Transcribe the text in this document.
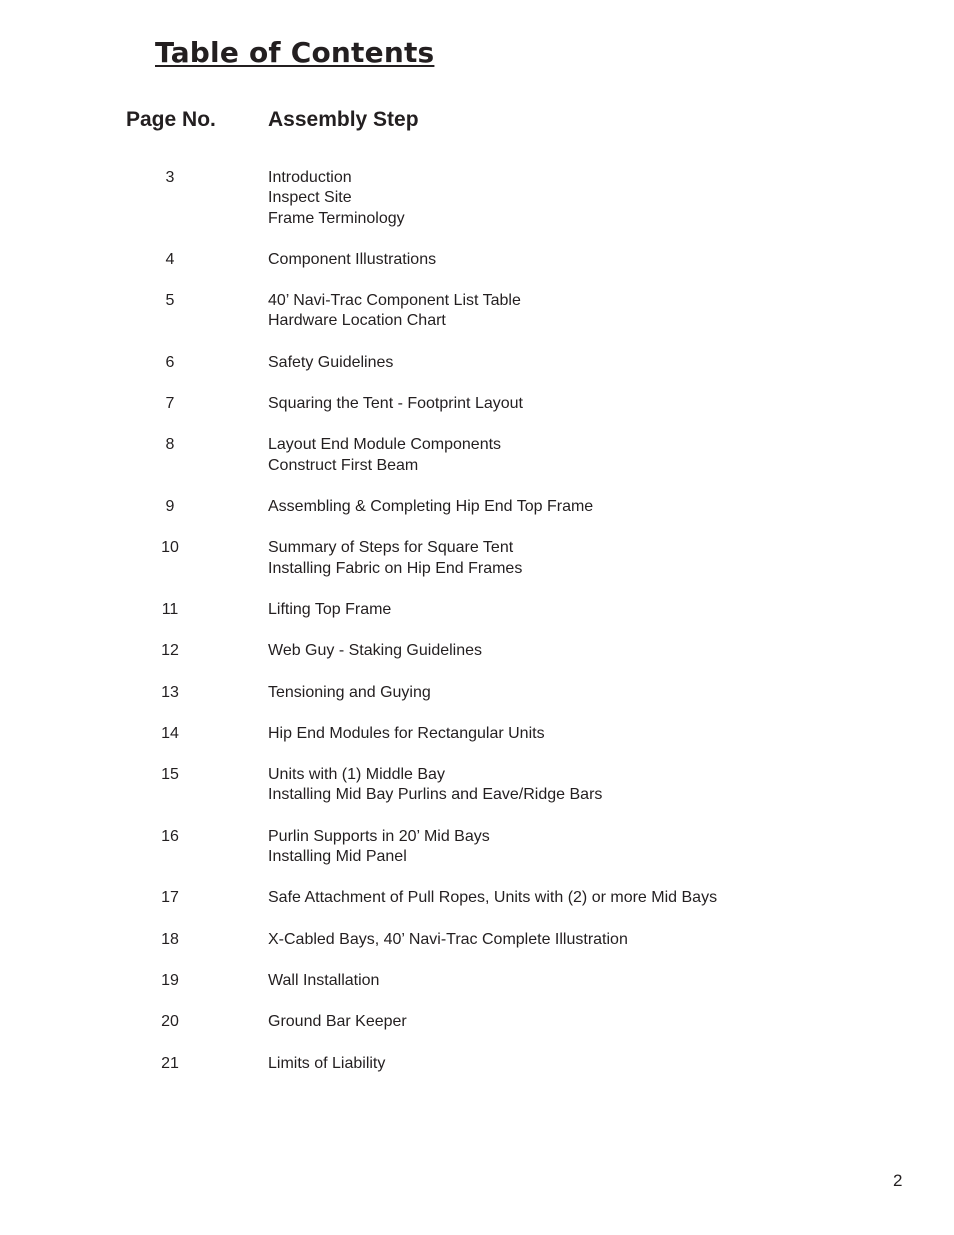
Table of Contents
Page No. Assembly Step
3	Introduction
Inspect Site
Frame Terminology
4	Component Illustrations
5	40’ Navi-Trac Component List Table
Hardware Location Chart
6	Safety Guidelines
7	Squaring the Tent - Footprint Layout
8	Layout End Module Components
Construct First Beam
9	Assembling & Completing Hip End Top Frame
10	Summary of Steps for Square Tent
Installing Fabric on Hip End Frames
11	Lifting Top Frame
12	Web Guy - Staking Guidelines
13	Tensioning and Guying
14	Hip End Modules for Rectangular Units
15	Units with (1) Middle Bay
Installing Mid Bay Purlins and Eave/Ridge Bars
16	Purlin Supports in 20’ Mid Bays
Installing Mid Panel
17	Safe Attachment of Pull Ropes, Units with (2) or more Mid Bays
18	X-Cabled Bays, 40’ Navi-Trac Complete Illustration
19	Wall Installation
20	Ground Bar Keeper
21	Limits of Liability
2
